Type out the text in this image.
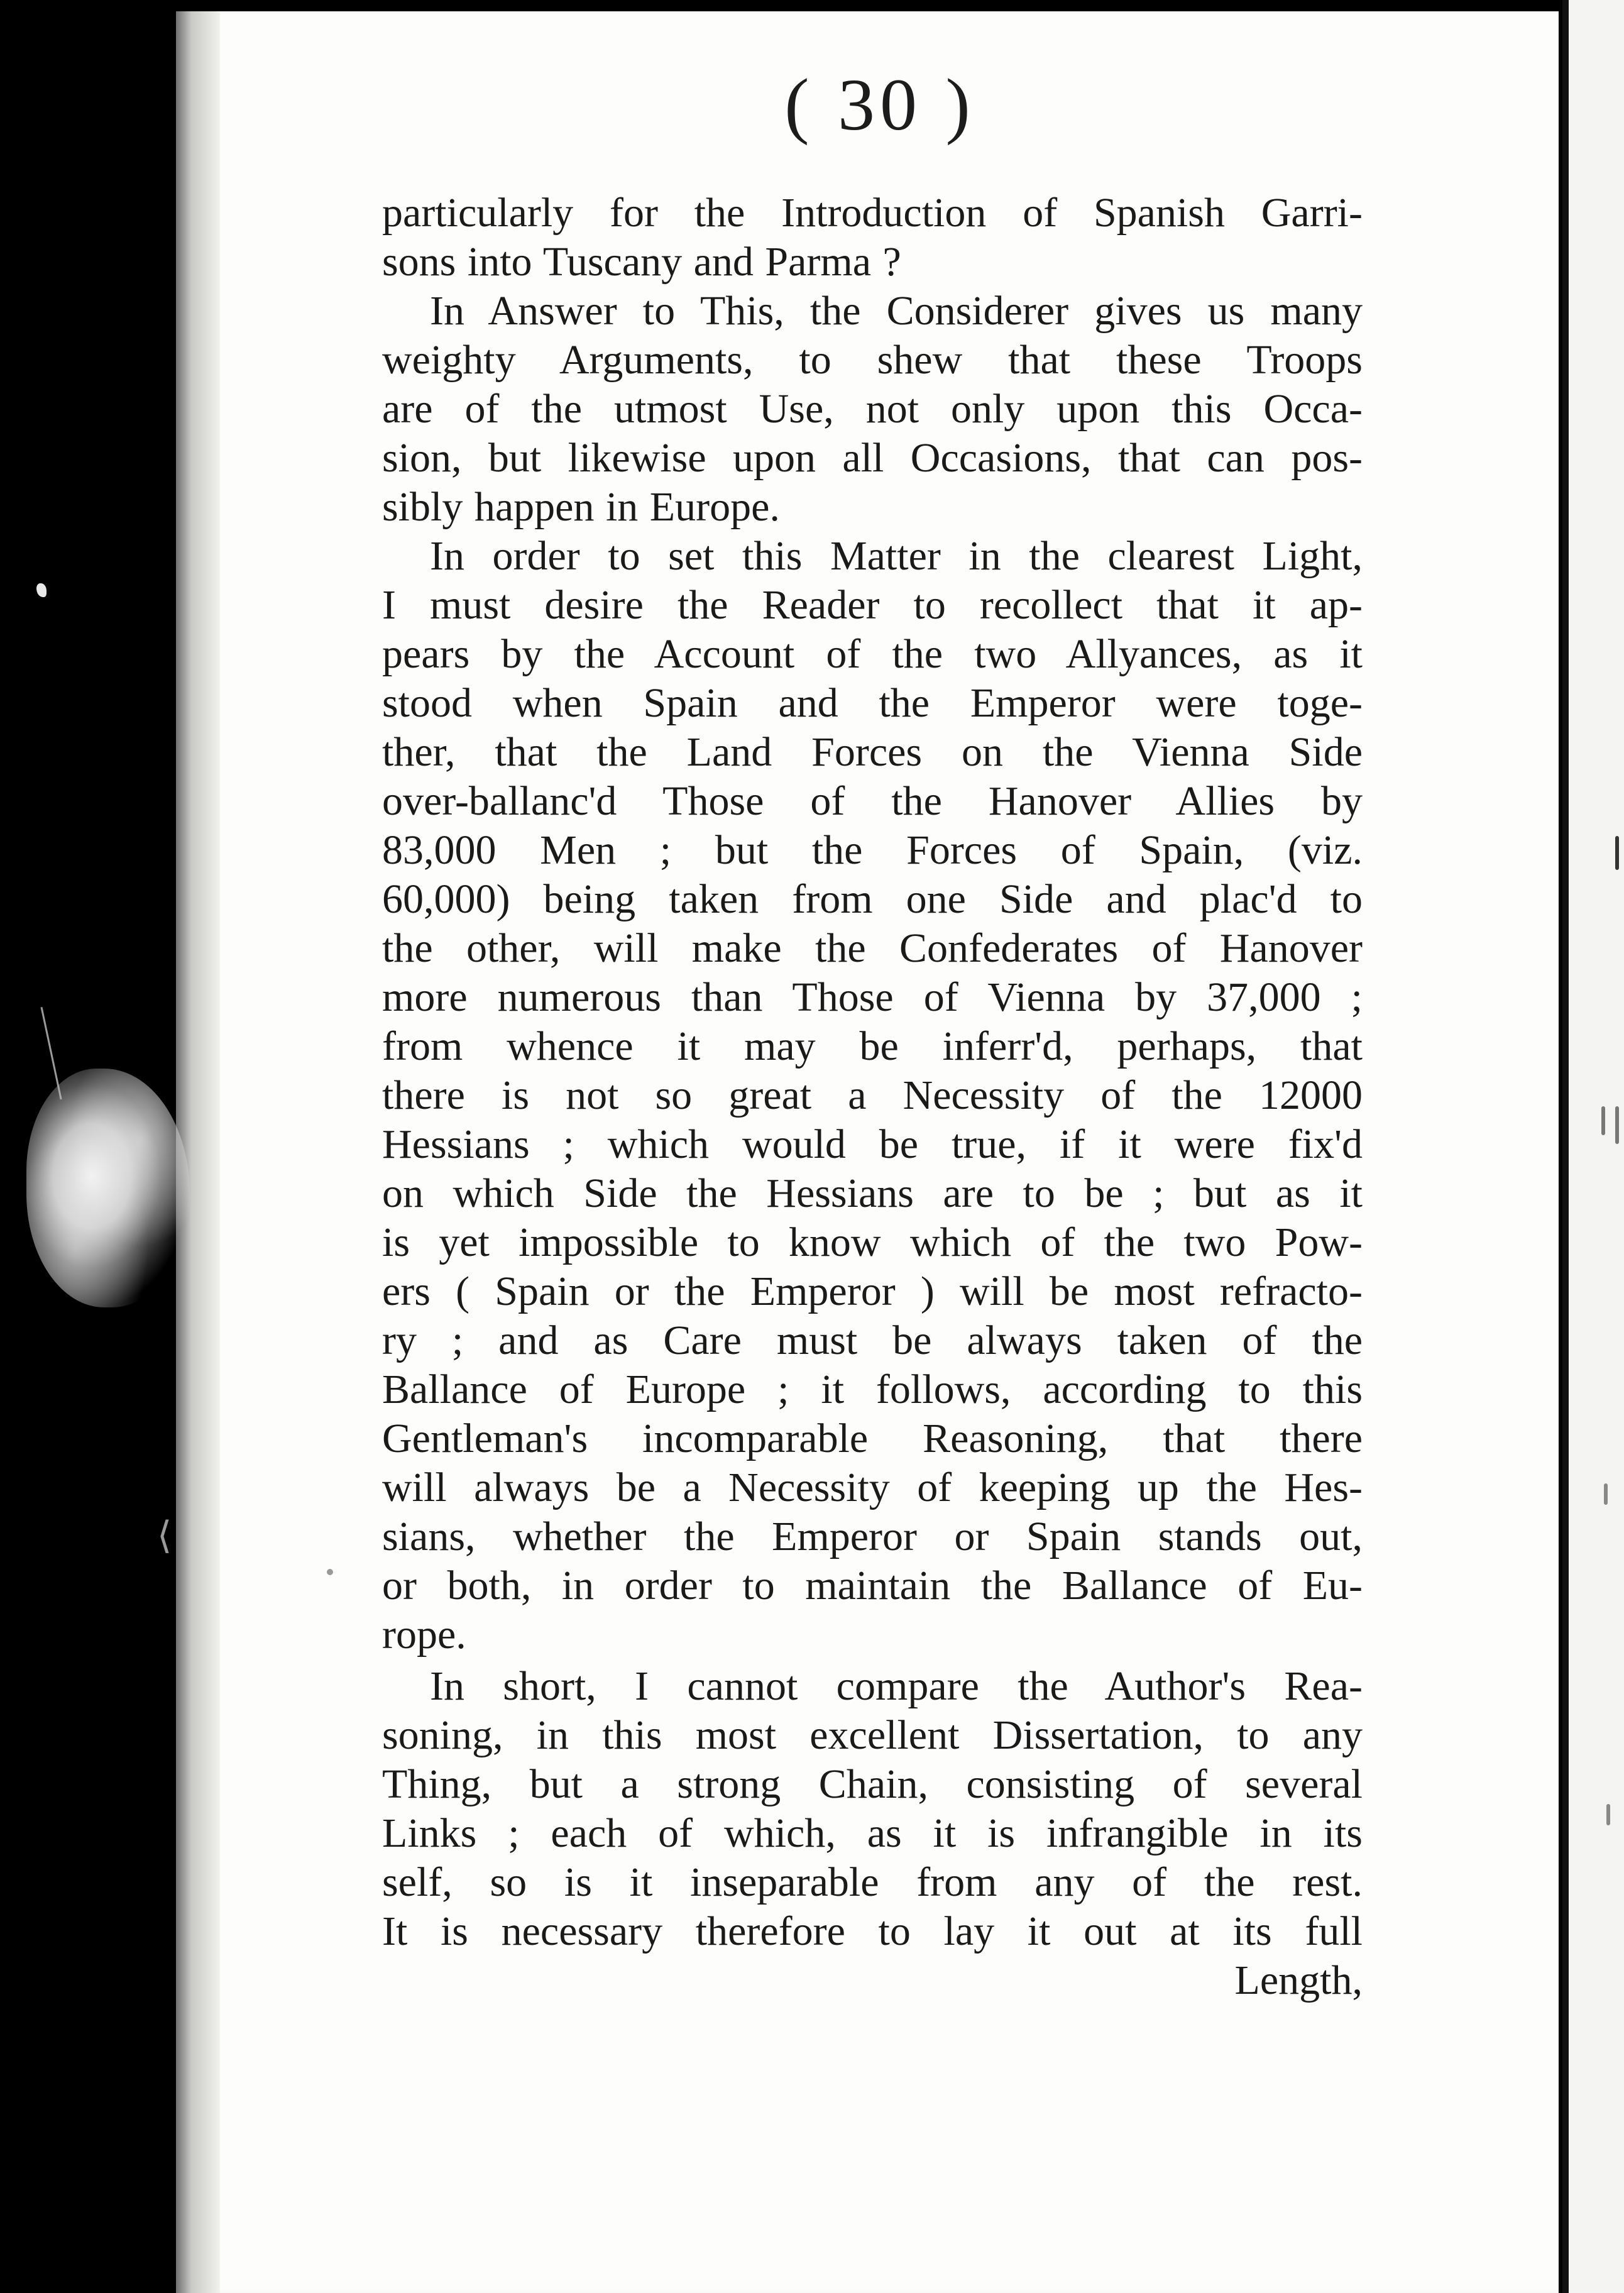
⟨
( 30 )
particularly for the Introduction of Spanish Garri-
sons into Tuscany and Parma ?
In Answer to This, the Considerer gives us many
weighty Arguments, to shew that these Troops
are of the utmost Use, not only upon this Occa-
sion, but likewise upon all Occasions, that can pos-
sibly happen in Europe.
In order to set this Matter in the clearest Light,
I must desire the Reader to recollect that it ap-
pears by the Account of the two Allyances, as it
stood when Spain and the Emperor were toge-
ther, that the Land Forces on the Vienna Side
over-ballanc'd Those of the Hanover Allies by
83,000 Men ; but the Forces of Spain, (viz.
60,000) being taken from one Side and plac'd to
the other, will make the Confederates of Hanover
more numerous than Those of Vienna by 37,000 ;
from whence it may be inferr'd, perhaps, that
there is not so great a Necessity of the 12000
Hessians ; which would be true, if it were fix'd
on which Side the Hessians are to be ; but as it
is yet impossible to know which of the two Pow-
ers ( Spain or the Emperor ) will be most refracto-
ry ; and as Care must be always taken of the
Ballance of Europe ; it follows, according to this
Gentleman's incomparable Reasoning, that there
will always be a Necessity of keeping up the Hes-
sians, whether the Emperor or Spain stands out,
or both, in order to maintain the Ballance of Eu-
rope.
In short, I cannot compare the Author's Rea-
soning, in this most excellent Dissertation, to any
Thing, but a strong Chain, consisting of several
Links ; each of which, as it is infrangible in its
self, so is it inseparable from any of the rest.
It is necessary therefore to lay it out at its full
Length,
